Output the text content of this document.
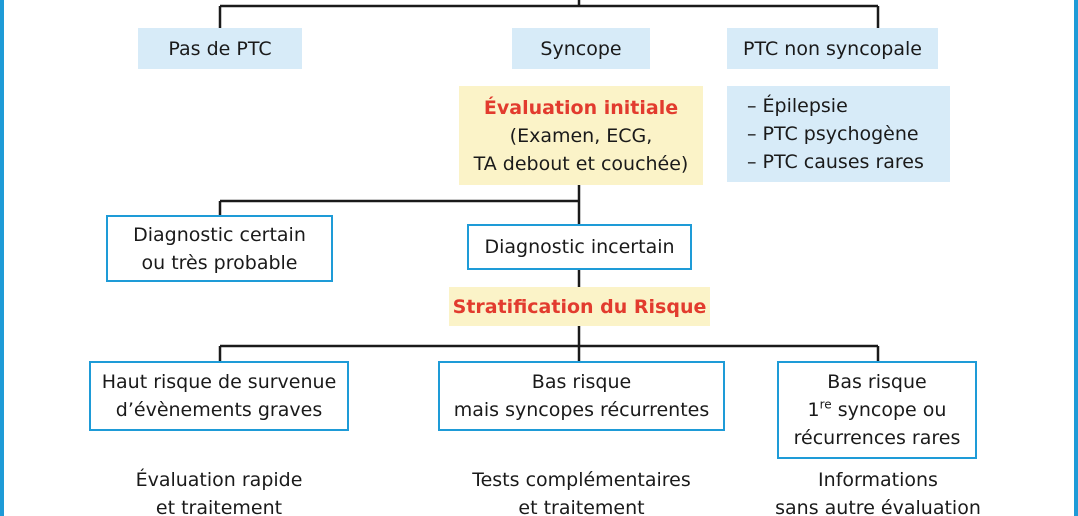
Pas de PTC	Syncope	PTC non syncopale
Évaluation initiale
(Examen, ECG,
TA debout et couchée)
– Épilepsie
– PTC psychogène
– PTC causes rares
Diagnostic certain
ou très probable
Diagnostic incertain
Stratification du Risque
Haut risque de survenue
d’évènements graves
Bas risque
mais syncopes récurrentes
Bas risque
1re syncope ou
récurrences rares
Évaluation rapide
et traitement
Tests complémentaires
et traitement
Informations
sans autre évaluation
